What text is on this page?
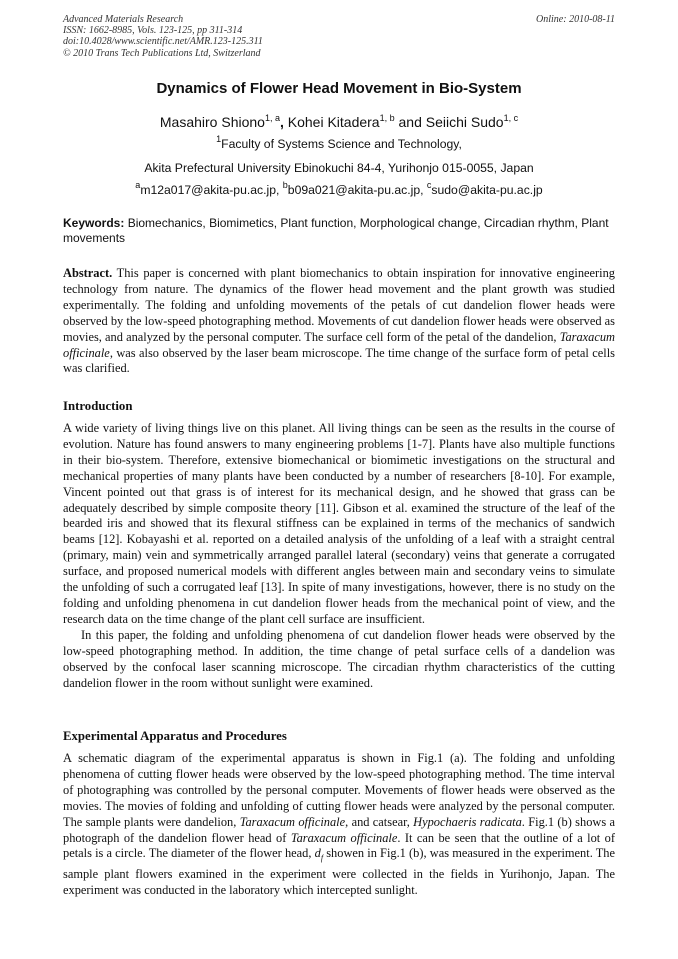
Advanced Materials Research
ISSN: 1662-8985, Vols. 123-125, pp 311-314
doi:10.4028/www.scientific.net/AMR.123-125.311
© 2010 Trans Tech Publications Ltd, Switzerland
Online: 2010-08-11
Dynamics of Flower Head Movement in Bio-System
Masahiro Shiono$^{1, a}$, Kohei Kitadera$^{1, b}$ and Seiichi Sudo$^{1, c}$
$^1$Faculty of Systems Science and Technology,
Akita Prefectural University Ebinokuchi 84-4, Yurihonjo 015-0055, Japan
$^a$m12a017@akita-pu.ac.jp, $^b$b09a021@akita-pu.ac.jp, $^c$sudo@akita-pu.ac.jp
Keywords: Biomechanics, Biomimetics, Plant function, Morphological change, Circadian rhythm, Plant movements
Abstract. This paper is concerned with plant biomechanics to obtain inspiration for innovative engineering technology from nature. The dynamics of the flower head movement and the plant growth was studied experimentally. The folding and unfolding movements of the petals of cut dandelion flower heads were observed by the low-speed photographing method. Movements of cut dandelion flower heads were observed as movies, and analyzed by the personal computer. The surface cell form of the petal of the dandelion, Taraxacum officinale, was also observed by the laser beam microscope. The time change of the surface form of petal cells was clarified.
Introduction
A wide variety of living things live on this planet. All living things can be seen as the results in the course of evolution. Nature has found answers to many engineering problems [1-7]. Plants have also multiple functions in their bio-system. Therefore, extensive biomechanical or biomimetic investigations on the structural and mechanical properties of many plants have been conducted by a number of researchers [8-10]. For example, Vincent pointed out that grass is of interest for its mechanical design, and he showed that grass can be adequately described by simple composite theory [11]. Gibson et al. examined the structure of the leaf of the bearded iris and showed that its flexural stiffness can be explained in terms of the mechanics of sandwich beams [12]. Kobayashi et al. reported on a detailed analysis of the unfolding of a leaf with a straight central (primary, main) vein and symmetrically arranged parallel lateral (secondary) veins that generate a corrugated surface, and proposed numerical models with different angles between main and secondary veins to simulate the unfolding of such a corrugated leaf [13]. In spite of many investigations, however, there is no study on the folding and unfolding phenomena in cut dandelion flower heads from the mechanical point of view, and the research data on the time change of the plant cell surface are insufficient.
In this paper, the folding and unfolding phenomena of cut dandelion flower heads were observed by the low-speed photographing method. In addition, the time change of petal surface cells of a dandelion was observed by the confocal laser scanning microscope. The circadian rhythm characteristics of the cutting dandelion flower in the room without sunlight were examined.
Experimental Apparatus and Procedures
A schematic diagram of the experimental apparatus is shown in Fig.1 (a). The folding and unfolding phenomena of cutting flower heads were observed by the low-speed photographing method. The time interval of photographing was controlled by the personal computer. Movements of flower heads were observed as the movies. The movies of folding and unfolding of cutting flower heads were analyzed by the personal computer. The sample plants were dandelion, Taraxacum officinale, and catsear, Hypochaeris radicata. Fig.1 (b) shows a photograph of the dandelion flower head of Taraxacum officinale. It can be seen that the outline of a lot of petals is a circle. The diameter of the flower head, $d_f$ showen in Fig.1 (b), was measured in the experiment. The sample plant flowers examined in the experiment were collected in the fields in Yurihonjo, Japan. The experiment was conducted in the laboratory which intercepted sunlight.
